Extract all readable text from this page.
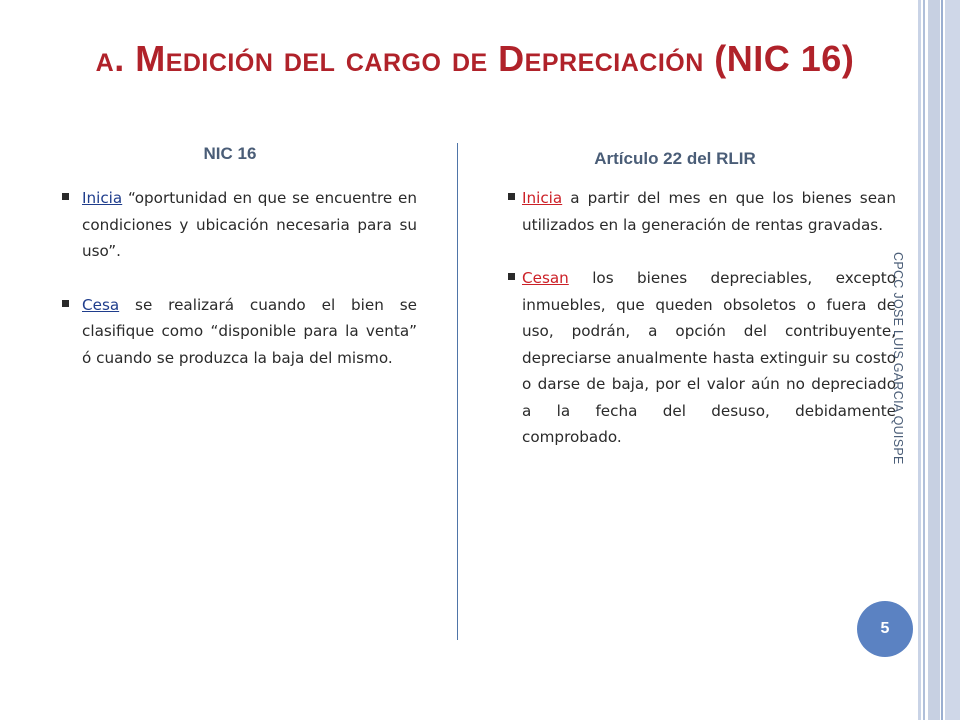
a. Medición del cargo de Depreciación (NIC 16)
NIC 16	Artículo 22 del RLIR
Inicia “oportunidad en que se encuentre en condiciones y ubicación necesaria para su uso”.
Cesa se realizará cuando el bien se clasifique como “disponible para la venta” ó cuando se produzca la baja del mismo.
Inicia a partir del mes en que los bienes sean utilizados en la generación de rentas gravadas.
Cesan los bienes depreciables, excepto inmuebles, que queden obsoletos o fuera de uso, podrán, a opción del contribuyente, depreciarse anualmente hasta extinguir su costo o darse de baja, por el valor aún no depreciado a la fecha del desuso, debidamente comprobado.	CPCC JOSE LUIS GARCIA QUISPE
5
